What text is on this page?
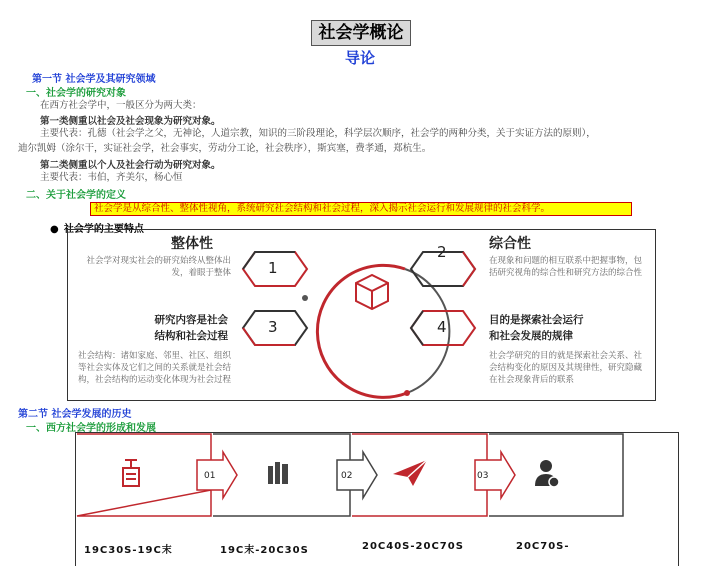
社会学概论
导论
第一节 社会学及其研究领域
一、社会学的研究对象
在西方社会学中，一般区分为两大类：
第一类侧重以社会及社会现象为研究对象。
主要代表：孔德（社会学之父，无神论，人道宗教，知识的三阶段理论，科学层次顺序，社会学的两种分类，关于实证方法的原则），
迪尔凯姆（涂尔干，实证社会学，社会事实，劳动分工论，社会秩序），斯宾塞，费孝通，郑杭生。
第二类侧重以个人及社会行动为研究对象。
主要代表：韦伯，齐美尔，杨心恒
二、关于社会学的定义
社会学是从综合性、整体性视角，系统研究社会结构和社会过程，深入揭示社会运行和发展规律的社会科学。
● 社会学的主要特点
1
2
3	4
整体性
社会学对现实社会的研究始终从整体出发，着眼于整体
综合性
在现象和问题的相互联系中把握事物，包括研究视角的综合性和研究方法的综合性
研究内容是社会
结构和社会过程
社会结构：诸如家庭、邻里、社区、组织等社会实体及它们之间的关系就是社会结构，社会结构的运动变化体现为社会过程
目的是探索社会运行
和社会发展的规律
社会学研究的目的就是探索社会关系、社会结构变化的原因及其规律性，研究隐藏在社会现象背后的联系
第二节 社会学发展的历史
一、西方社会学的形成和发展
01	02	03
19C30S-19C末	19C末-20C30S	20C40S-20C70S	20C70S-
